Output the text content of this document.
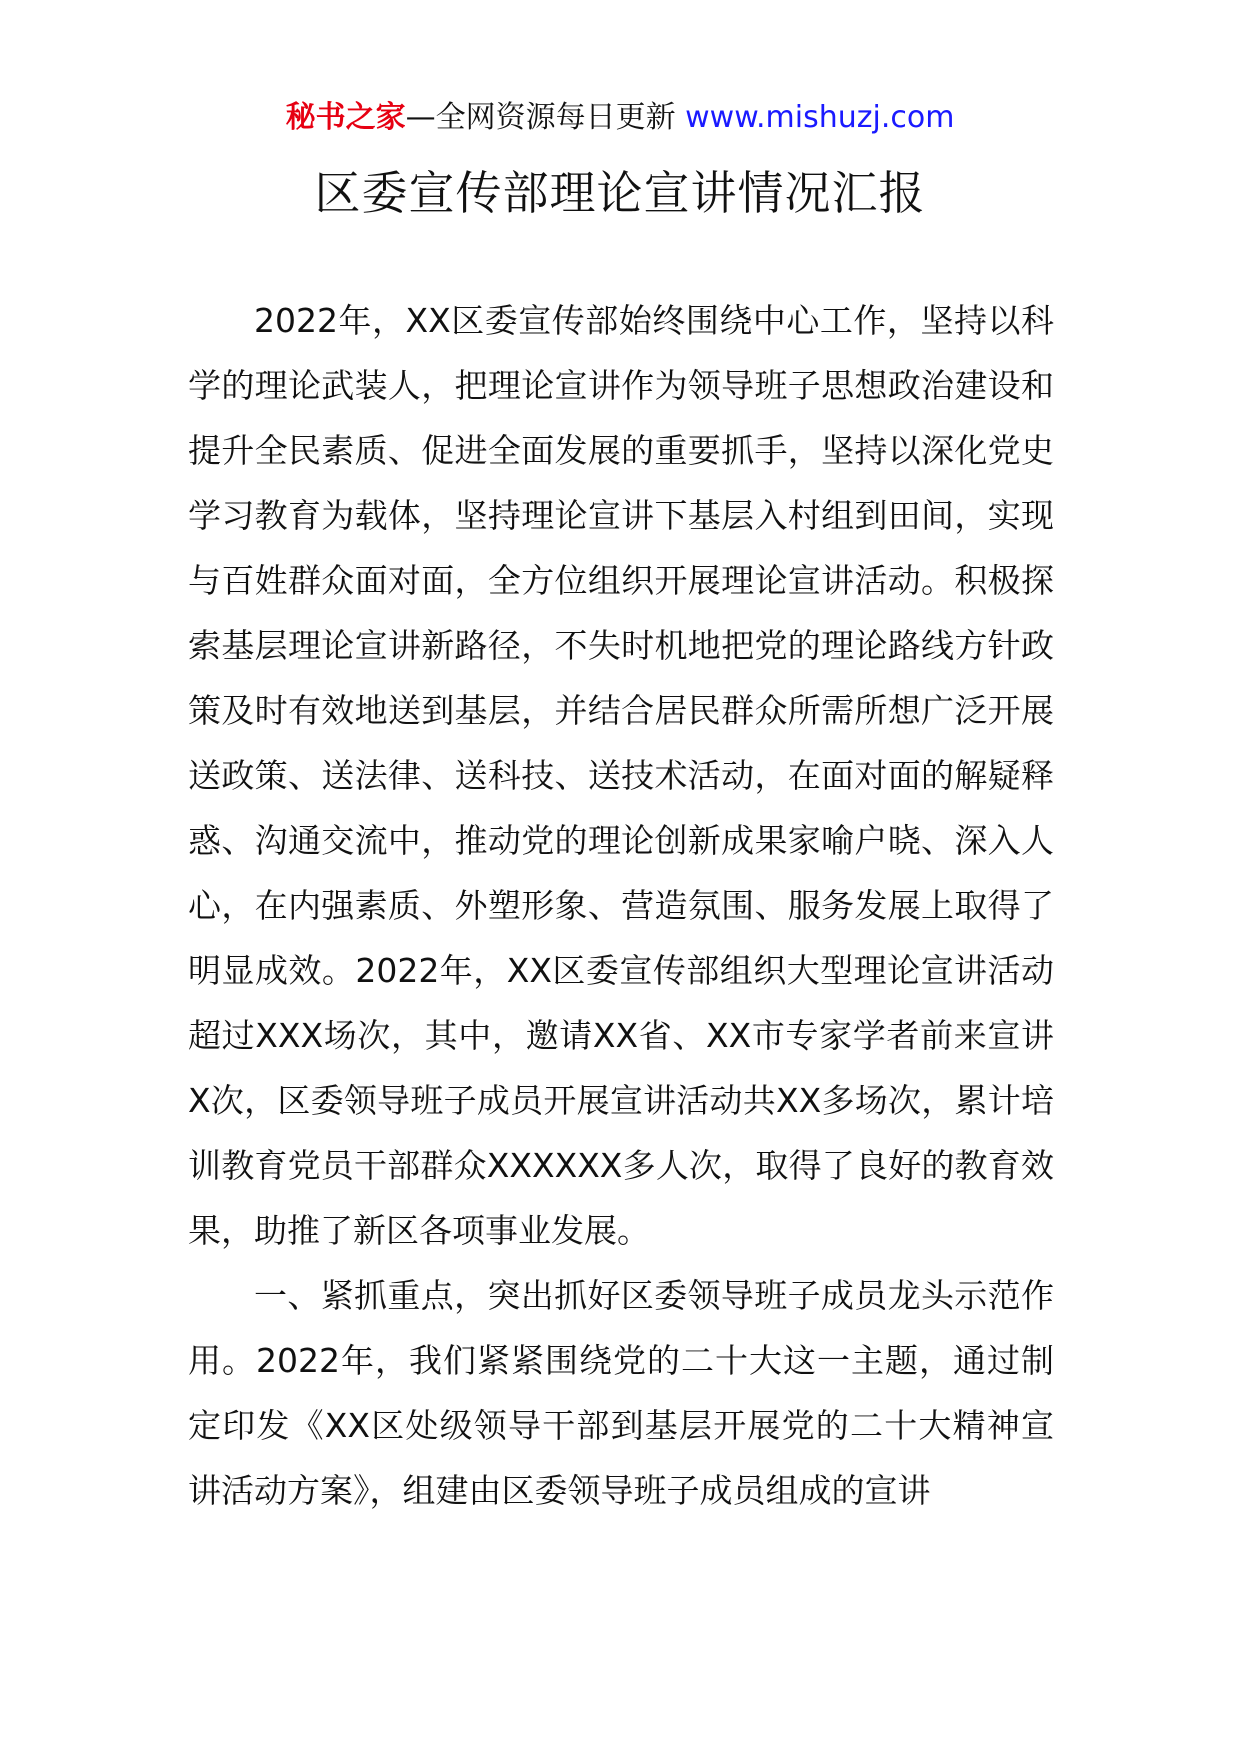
秘书之家—全网资源每日更新 www.mishuzj.com
区委宣传部理论宣讲情况汇报

2022年，XX区委宣传部始终围绕中心工作，坚持以科学的理论武装人，把理论宣讲作为领导班子思想政治建设和提升全民素质、促进全面发展的重要抓手，坚持以深化党史学习教育为载体，坚持理论宣讲下基层入村组到田间，实现与百姓群众面对面，全方位组织开展理论宣讲活动。积极探索基层理论宣讲新路径，不失时机地把党的理论路线方针政策及时有效地送到基层，并结合居民群众所需所想广泛开展送政策、送法律、送科技、送技术活动，在面对面的解疑释惑、沟通交流中，推动党的理论创新成果家喻户晓、深入人心，在内强素质、外塑形象、营造氛围、服务发展上取得了明显成效。2022年，XX区委宣传部组织大型理论宣讲活动超过XXX场次，其中，邀请XX省、XX市专家学者前来宣讲X次，区委领导班子成员开展宣讲活动共XX多场次，累计培训教育党员干部群众XXXXXX多人次，取得了良好的教育效果，助推了新区各项事业发展。

一、紧抓重点，突出抓好区委领导班子成员龙头示范作用。2022年，我们紧紧围绕党的二十大这一主题，通过制定印发《XX区处级领导干部到基层开展党的二十大精神宣讲活动方案》，组建由区委领导班子成员组成的宣讲
